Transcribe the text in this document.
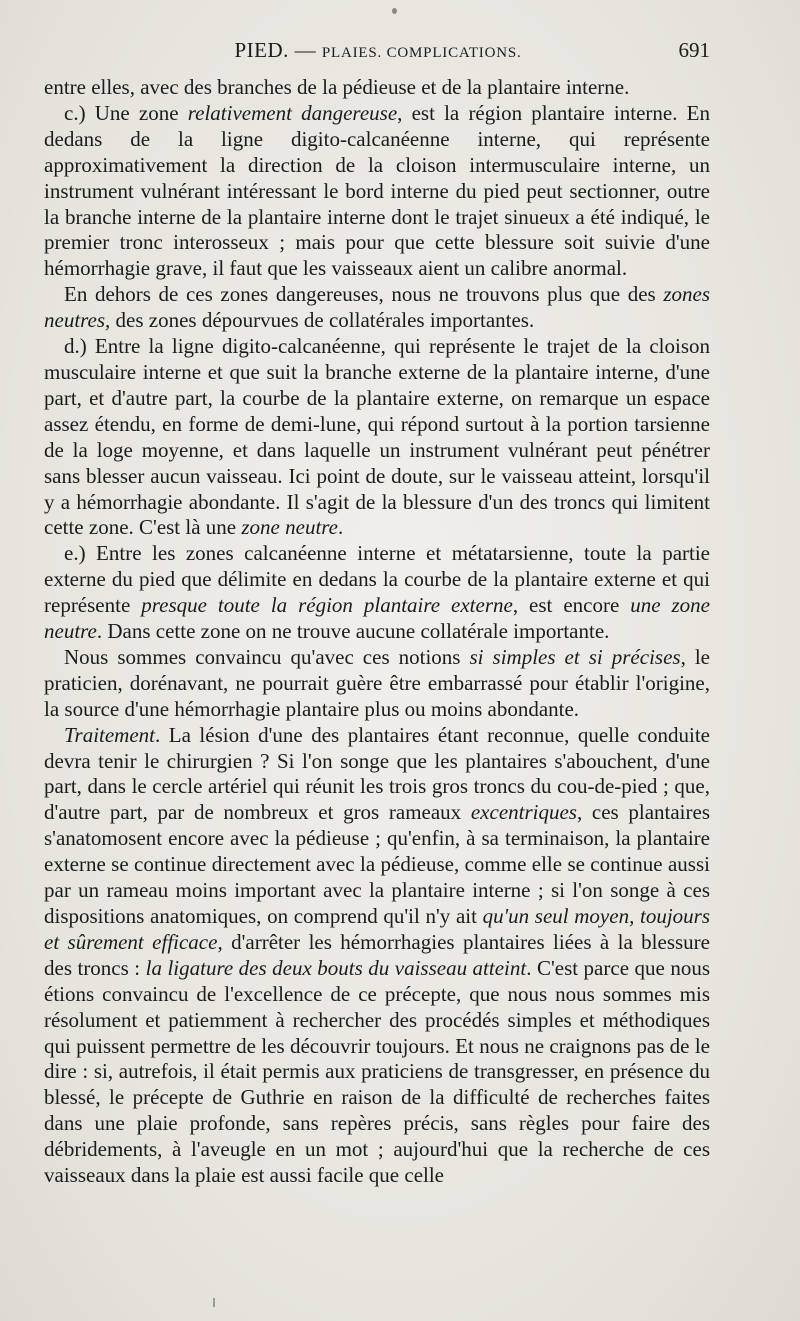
PIED. — PLAIES. COMPLICATIONS.	691

entre elles, avec des branches de la pédieuse et de la plantaire interne.

c.) Une zone relativement dangereuse, est la région plantaire interne. En dedans de la ligne digito-calcanéenne interne, qui représente approximativement la direction de la cloison intermusculaire interne, un instrument vulnérant intéressant le bord interne du pied peut sectionner, outre la branche interne de la plantaire interne dont le trajet sinueux a été indiqué, le premier tronc interosseux ; mais pour que cette blessure soit suivie d'une hémorrhagie grave, il faut que les vaisseaux aient un calibre anormal.

En dehors de ces zones dangereuses, nous ne trouvons plus que des zones neutres, des zones dépourvues de collatérales importantes.

d.) Entre la ligne digito-calcanéenne, qui représente le trajet de la cloison musculaire interne et que suit la branche externe de la plantaire interne, d'une part, et d'autre part, la courbe de la plantaire externe, on remarque un espace assez étendu, en forme de demi-lune, qui répond surtout à la portion tarsienne de la loge moyenne, et dans laquelle un instrument vulnérant peut pénétrer sans blesser aucun vaisseau. Ici point de doute, sur le vaisseau atteint, lorsqu'il y a hémorrhagie abondante. Il s'agit de la blessure d'un des troncs qui limitent cette zone. C'est là une zone neutre.

e.) Entre les zones calcanéenne interne et métatarsienne, toute la partie externe du pied que délimite en dedans la courbe de la plantaire externe et qui représente presque toute la région plantaire externe, est encore une zone neutre. Dans cette zone on ne trouve aucune collatérale importante.

Nous sommes convaincu qu'avec ces notions si simples et si précises, le praticien, dorénavant, ne pourrait guère être embarrassé pour établir l'origine, la source d'une hémorrhagie plantaire plus ou moins abondante.

Traitement. La lésion d'une des plantaires étant reconnue, quelle conduite devra tenir le chirurgien ? Si l'on songe que les plantaires s'abouchent, d'une part, dans le cercle artériel qui réunit les trois gros troncs du cou-de-pied ; que, d'autre part, par de nombreux et gros rameaux excentriques, ces plantaires s'anatomosent encore avec la pédieuse ; qu'enfin, à sa terminaison, la plantaire externe se continue directement avec la pédieuse, comme elle se continue aussi par un rameau moins important avec la plantaire interne ; si l'on songe à ces dispositions anatomiques, on comprend qu'il n'y ait qu'un seul moyen, toujours et sûrement efficace, d'arrêter les hémorrhagies plantaires liées à la blessure des troncs : la ligature des deux bouts du vaisseau atteint. C'est parce que nous étions convaincu de l'excellence de ce précepte, que nous nous sommes mis résolument et patiemment à rechercher des procédés simples et méthodiques qui puissent permettre de les découvrir toujours. Et nous ne craignons pas de le dire : si, autrefois, il était permis aux praticiens de transgresser, en présence du blessé, le précepte de Guthrie en raison de la difficulté de recherches faites dans une plaie profonde, sans repères précis, sans règles pour faire des débridements, à l'aveugle en un mot ; aujourd'hui que la recherche de ces vaisseaux dans la plaie est aussi facile que celle
